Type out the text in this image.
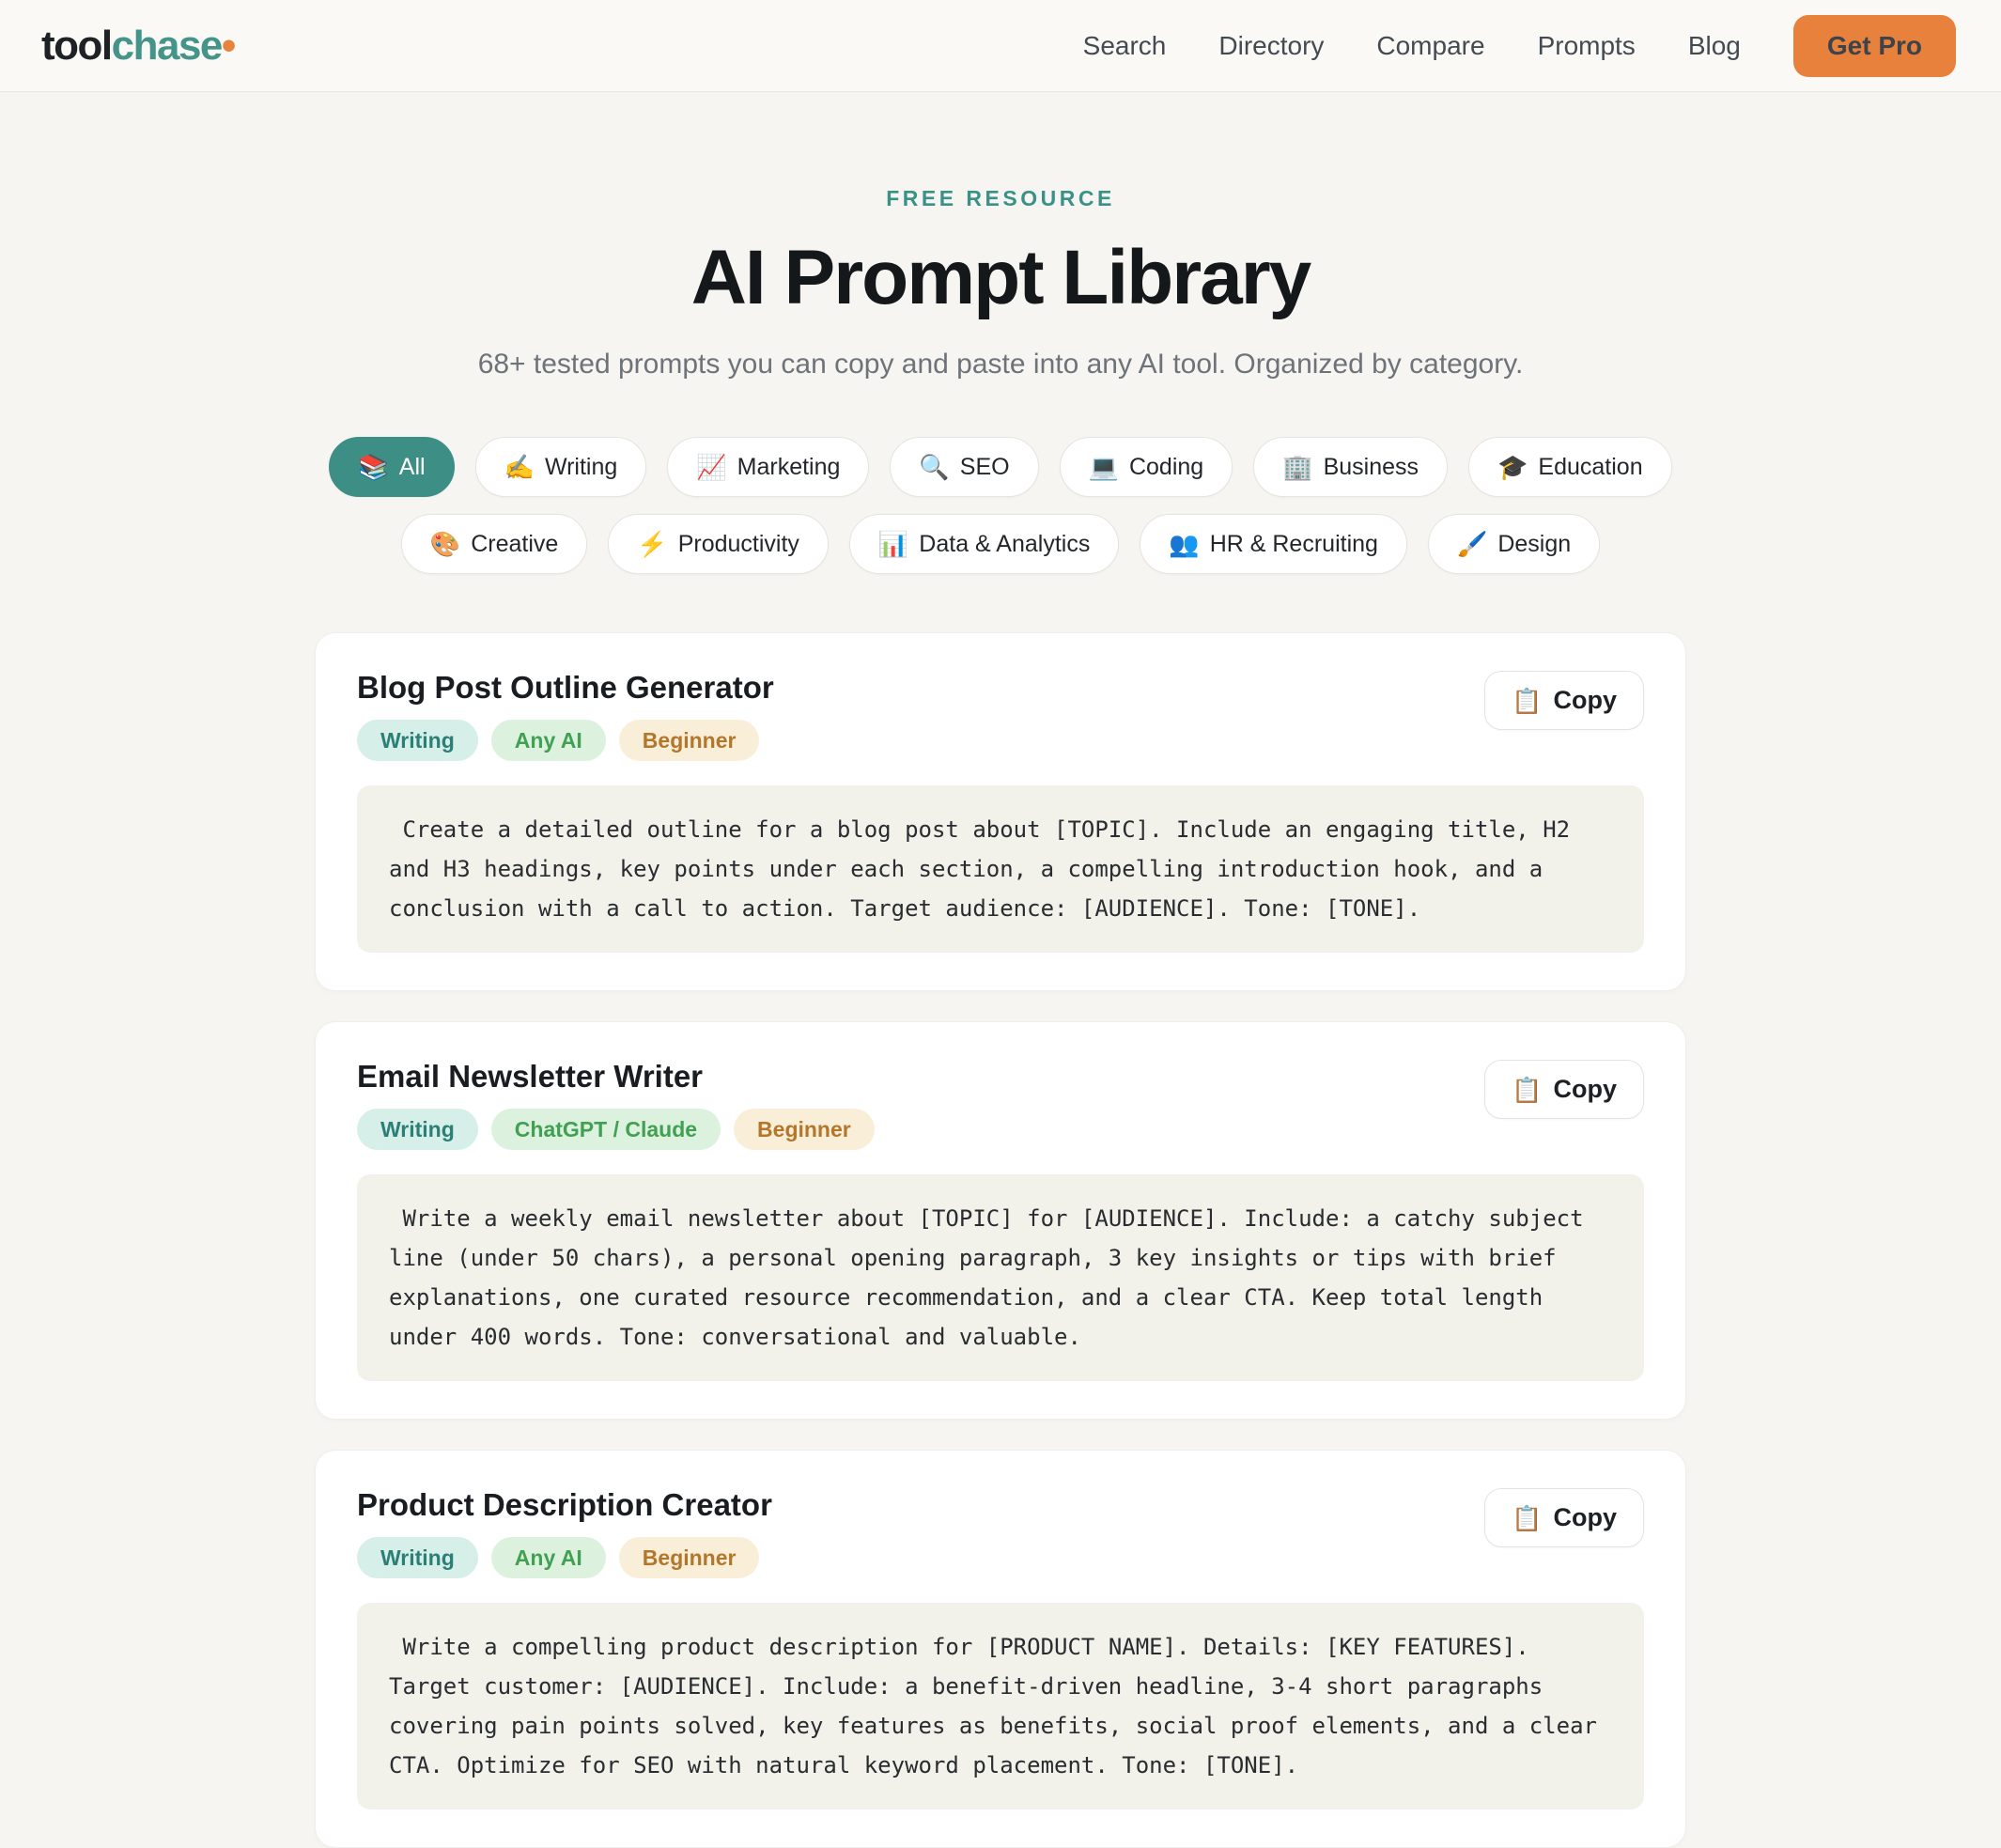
toolchase•	Search Directory Compare Prompts Blog	Get Pro
FREE RESOURCE
AI Prompt Library

68+ tested prompts you can copy and paste into any AI tool. Organized by category.

📚 All	✍️ Writing	📈 Marketing	🔍 SEO	💻 Coding	🏢 Business	🎓 Education
🎨 Creative	⚡ Productivity	📊 Data & Analytics	👥 HR & Recruiting	🖌️ Design
Blog Post Outline Generator
Writing	Any AI	Beginner
📋 Copy
Create a detailed outline for a blog post about [TOPIC]. Include an engaging title, H2 and H3 headings, key points under each section, a compelling introduction hook, and a conclusion with a call to action. Target audience: [AUDIENCE]. Tone: [TONE].
Email Newsletter Writer
Writing	ChatGPT / Claude	Beginner
📋 Copy
Write a weekly email newsletter about [TOPIC] for [AUDIENCE]. Include: a catchy subject line (under 50 chars), a personal opening paragraph, 3 key insights or tips with brief explanations, one curated resource recommendation, and a clear CTA. Keep total length under 400 words. Tone: conversational and valuable.
Product Description Creator
Writing	Any AI	Beginner
📋 Copy
Write a compelling product description for [PRODUCT NAME]. Details: [KEY FEATURES]. Target customer: [AUDIENCE]. Include: a benefit-driven headline, 3-4 short paragraphs covering pain points solved, key features as benefits, social proof elements, and a clear CTA. Optimize for SEO with natural keyword placement. Tone: [TONE].
